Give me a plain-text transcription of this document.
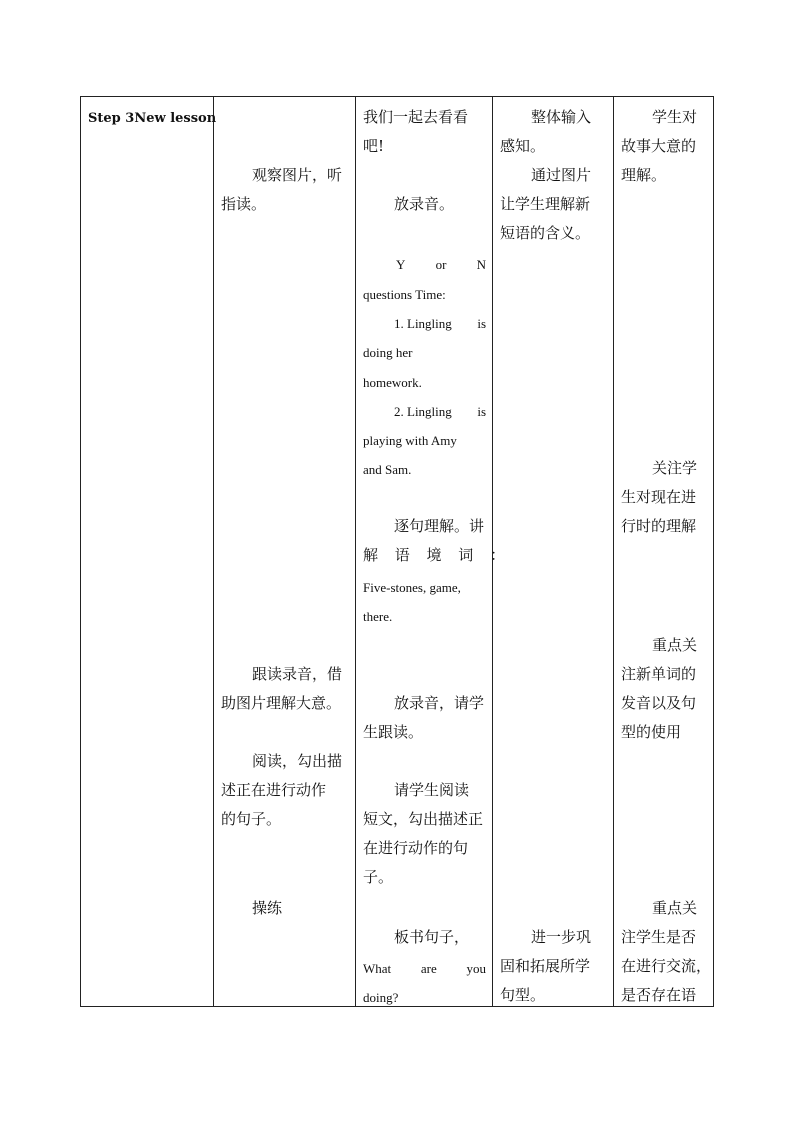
Step 3New lesson
观察图片，听
指读。
跟读录音，借
助图片理解大意。
阅读，勾出描
述正在进行动作
的句子。
操练
我们一起去看看
吧!
放录音。
Y or N
questions Time:
1. Lingling is
doing her
homework.
2. Lingling is
playing with Amy
and Sam.
逐句理解。讲
解 语 境 词 ：
Five-stones, game,
there.
放录音，请学
生跟读。
请学生阅读
短文，勾出描述正
在进行动作的句
子。
板书句子，
What are you
doing?
整体输入
感知。
通过图片
让学生理解新
短语的含义。
进一步巩
固和拓展所学
句型。
学生对
故事大意的
理解。
关注学
生对现在进
行时的理解
重点关
注新单词的
发音以及句
型的使用
重点关
注学生是否
在进行交流，
是否存在语
